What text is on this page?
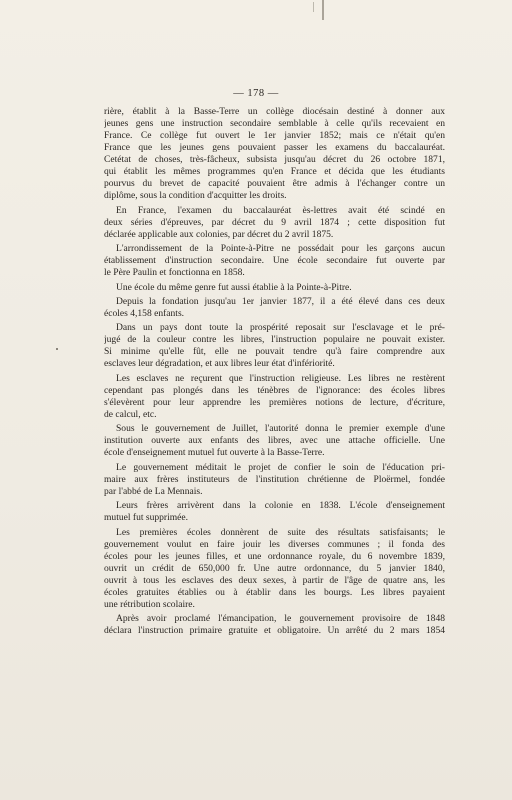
— 178 —

rière, établit à la Basse-Terre un collège diocésain destiné à donner aux
jeunes gens une instruction secondaire semblable à celle qu'ils recevaient en
France. Ce collège fut ouvert le 1er janvier 1852; mais ce n'était qu'en
France que les jeunes gens pouvaient passer les examens du baccalauréat.
Cetétat de choses, très-fâcheux, subsista jusqu'au décret du 26 octobre 1871,
qui établit les mêmes programmes qu'en France et décida que les étudiants
pourvus du brevet de capacité pouvaient être admis à l'échanger contre un
diplôme, sous la condition d'acquitter les droits.

En France, l'examen du baccalauréat ès-lettres avait été scindé en
deux séries d'épreuves, par décret du 9 avril 1874 ; cette disposition fut
déclarée applicable aux colonies, par décret du 2 avril 1875.

L'arrondissement de la Pointe-à-Pitre ne possédait pour les garçons aucun
établissement d'instruction secondaire. Une école secondaire fut ouverte par
le Père Paulin et fonctionna en 1858.

Une école du même genre fut aussi établie à la Pointe-à-Pitre.

Depuis la fondation jusqu'au 1er janvier 1877, il a été élevé dans ces deux
écoles 4,158 enfants.

Dans un pays dont toute la prospérité reposait sur l'esclavage et le pré-
jugé de la couleur contre les libres, l'instruction populaire ne pouvait exister.
Si minime qu'elle fût, elle ne pouvait tendre qu'à faire comprendre aux
esclaves leur dégradation, et aux libres leur état d'infériorité.

Les esclaves ne reçurent que l'instruction religieuse. Les libres ne restèrent
cependant pas plongés dans les ténèbres de l'ignorance: des écoles libres
s'élevèrent pour leur apprendre les premières notions de lecture, d'écriture,
de calcul, etc.

Sous le gouvernement de Juillet, l'autorité donna le premier exemple d'une
institution ouverte aux enfants des libres, avec une attache officielle. Une
école d'enseignement mutuel fut ouverte à la Basse-Terre.

Le gouvernement méditait le projet de confier le soin de l'éducation pri-
maire aux frères instituteurs de l'institution chrétienne de Ploërmel, fondée
par l'abbé de La Mennais.

Leurs frères arrivèrent dans la colonie en 1838. L'école d'enseignement
mutuel fut supprimée.

Les premières écoles donnèrent de suite des résultats satisfaisants; le
gouvernement voulut en faire jouir les diverses communes ; il fonda des
écoles pour les jeunes filles, et une ordonnance royale, du 6 novembre 1839,
ouvrit un crédit de 650,000 fr. Une autre ordonnance, du 5 janvier 1840,
ouvrit à tous les esclaves des deux sexes, à partir de l'âge de quatre ans, les
écoles gratuites établies ou à établir dans les bourgs. Les libres payaient
une rétribution scolaire.

Après avoir proclamé l'émancipation, le gouvernement provisoire de 1848
déclara l'instruction primaire gratuite et obligatoire. Un arrêté du 2 mars 1854
